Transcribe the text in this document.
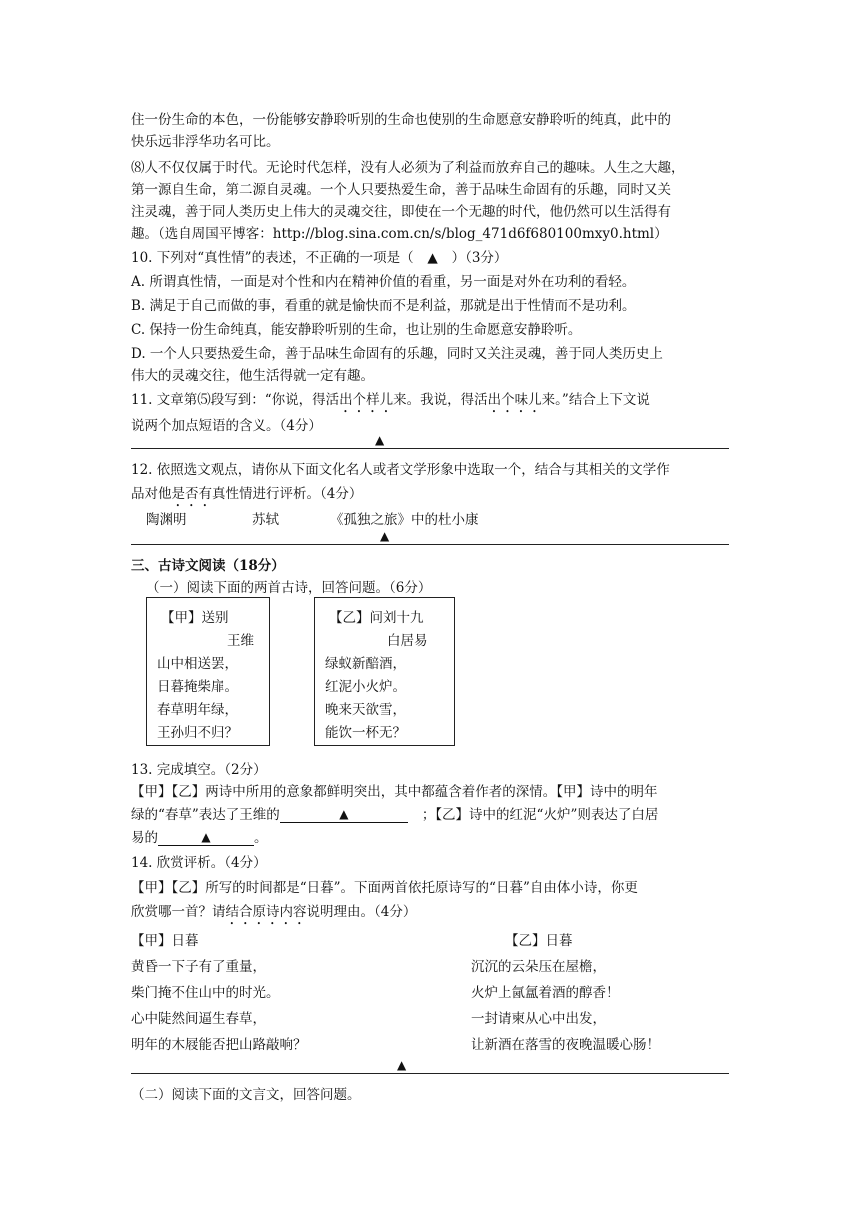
住一份生命的本色，一份能够安静聆听别的生命也使别的生命愿意安静聆听的纯真，此中的
快乐远非浮华功名可比。
⑻人不仅仅属于时代。无论时代怎样，没有人必须为了利益而放弃自己的趣味。人生之大趣，
第一源自生命，第二源自灵魂。一个人只要热爱生命，善于品味生命固有的乐趣，同时又关
注灵魂，善于同人类历史上伟大的灵魂交往，即使在一个无趣的时代，他仍然可以生活得有
趣。（选自周国平博客：http://blog.sina.com.cn/s/blog_471d6f680100mxy0.html）
10. 下列对“真性情”的表述，不正确的一项是（ ▲ ）（3分）
A. 所谓真性情，一面是对个性和内在精神价值的看重，另一面是对外在功利的看轻。
B. 满足于自己而做的事，看重的就是愉快而不是利益，那就是出于性情而不是功利。
C. 保持一份生命纯真，能安静聆听别的生命，也让别的生命愿意安静聆听。
D. 一个人只要热爱生命，善于品味生命固有的乐趣，同时又关注灵魂，善于同人类历史上
伟大的灵魂交往，他生活得就一定有趣。
11. 文章第⑸段写到：“你说，得活出个样儿来。我说，得活出个味儿来。”结合上下文说
说两个加点短语的含义。（4分）
▲
12. 依照选文观点，请你从下面文化名人或者文学形象中选取一个，结合与其相关的文学作
品对他是否有真性情进行评析。（4分）
陶渊明	苏轼	《孤独之旅》中的杜小康
▲
三、古诗文阅读（18分）
（一）阅读下面的两首古诗，回答问题。（6分）
【甲】送别
王维
山中相送罢，
日暮掩柴扉。
春草明年绿，
王孙归不归？
【乙】问刘十九
白居易
绿蚁新醅酒，
红泥小火炉。
晚来天欲雪，
能饮一杯无？
13. 完成填空。（2分）
【甲】【乙】两诗中所用的意象都鲜明突出，其中都蕴含着作者的深情。【甲】诗中的明年
绿的“春草”表达了王维的	▲	；【乙】诗中的红泥“火炉”则表达了白居
易的	▲	。
14. 欣赏评析。（4分）
【甲】【乙】所写的时间都是“日暮”。下面两首依托原诗写的“日暮”自由体小诗，你更
欣赏哪一首？请结合原诗内容说明理由。（4分）
【甲】日暮
黄昏一下子有了重量，
柴门掩不住山中的时光。
心中陡然间逼生春草，
明年的木屐能否把山路敲响？
【乙】日暮
沉沉的云朵压在屋檐，
火炉上氤氲着酒的醇香！
一封请柬从心中出发，
让新酒在落雪的夜晚温暖心肠！
▲
（二）阅读下面的文言文，回答问题。
